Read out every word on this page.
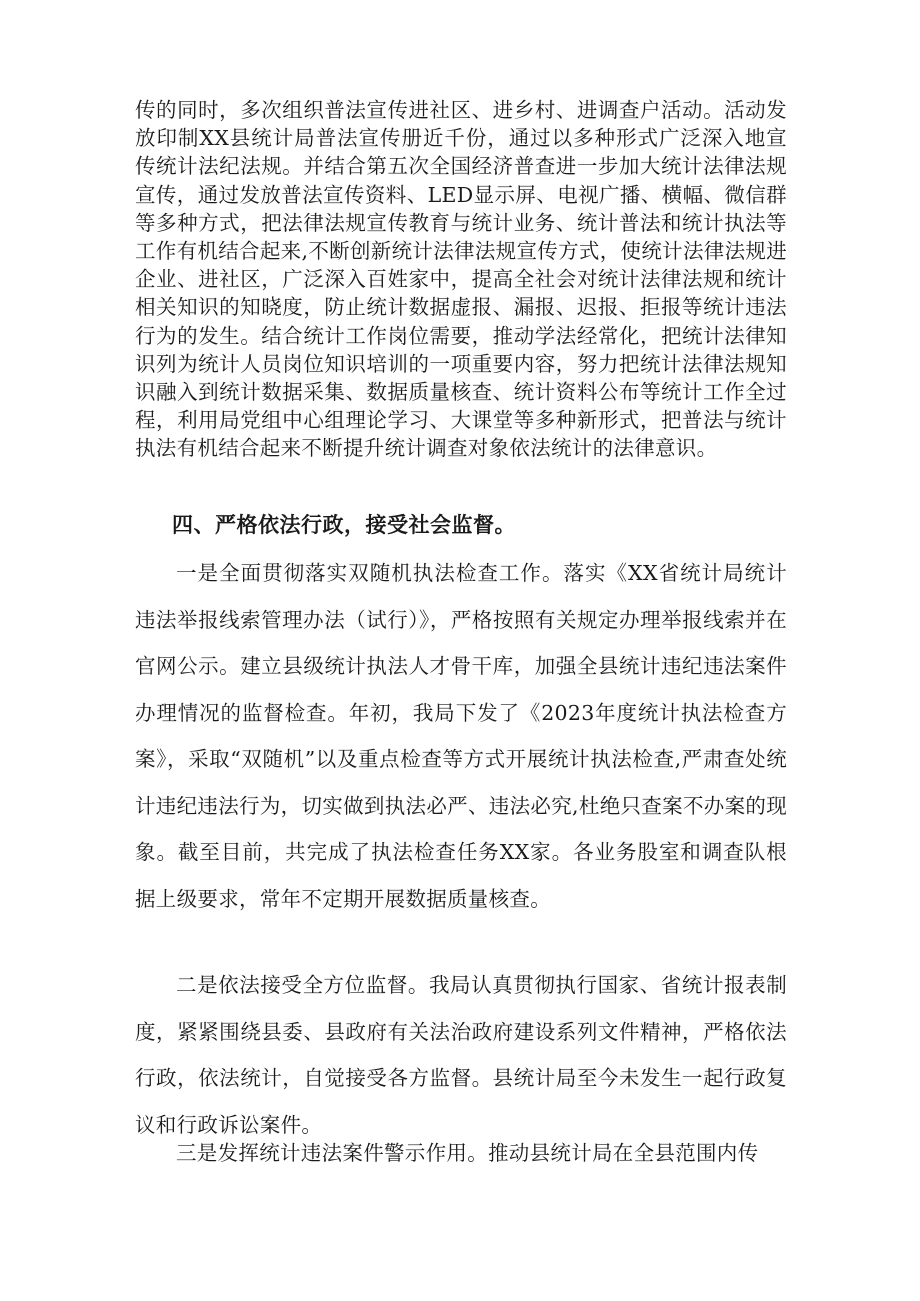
传的同时，多次组织普法宣传进社区、进乡村、进调查户活动。活动发放印制XX县统计局普法宣传册近千份，通过以多种形式广泛深入地宣传统计法纪法规。并结合第五次全国经济普查进一步加大统计法律法规宣传，通过发放普法宣传资料、LED显示屏、电视广播、横幅、微信群等多种方式，把法律法规宣传教育与统计业务、统计普法和统计执法等工作有机结合起来,不断创新统计法律法规宣传方式，使统计法律法规进企业、进社区，广泛深入百姓家中，提高全社会对统计法律法规和统计相关知识的知晓度，防止统计数据虚报、漏报、迟报、拒报等统计违法行为的发生。结合统计工作岗位需要，推动学法经常化，把统计法律知识列为统计人员岗位知识培训的一项重要内容，努力把统计法律法规知识融入到统计数据采集、数据质量核查、统计资料公布等统计工作全过程，利用局党组中心组理论学习、大课堂等多种新形式，把普法与统计执法有机结合起来不断提升统计调查对象依法统计的法律意识。

四、严格依法行政，接受社会监督。

一是全面贯彻落实双随机执法检查工作。落实《XX省统计局统计违法举报线索管理办法（试行）》，严格按照有关规定办理举报线索并在官网公示。建立县级统计执法人才骨干库，加强全县统计违纪违法案件办理情况的监督检查。年初，我局下发了《2023年度统计执法检查方案》，采取“双随机”以及重点检查等方式开展统计执法检查,严肃查处统计违纪违法行为，切实做到执法必严、违法必究,杜绝只查案不办案的现象。截至目前，共完成了执法检查任务XX家。各业务股室和调查队根据上级要求，常年不定期开展数据质量核查。

二是依法接受全方位监督。我局认真贯彻执行国家、省统计报表制度，紧紧围绕县委、县政府有关法治政府建设系列文件精神，严格依法行政，依法统计，自觉接受各方监督。县统计局至今未发生一起行政复议和行政诉讼案件。

三是发挥统计违法案件警示作用。推动县统计局在全县范围内传
